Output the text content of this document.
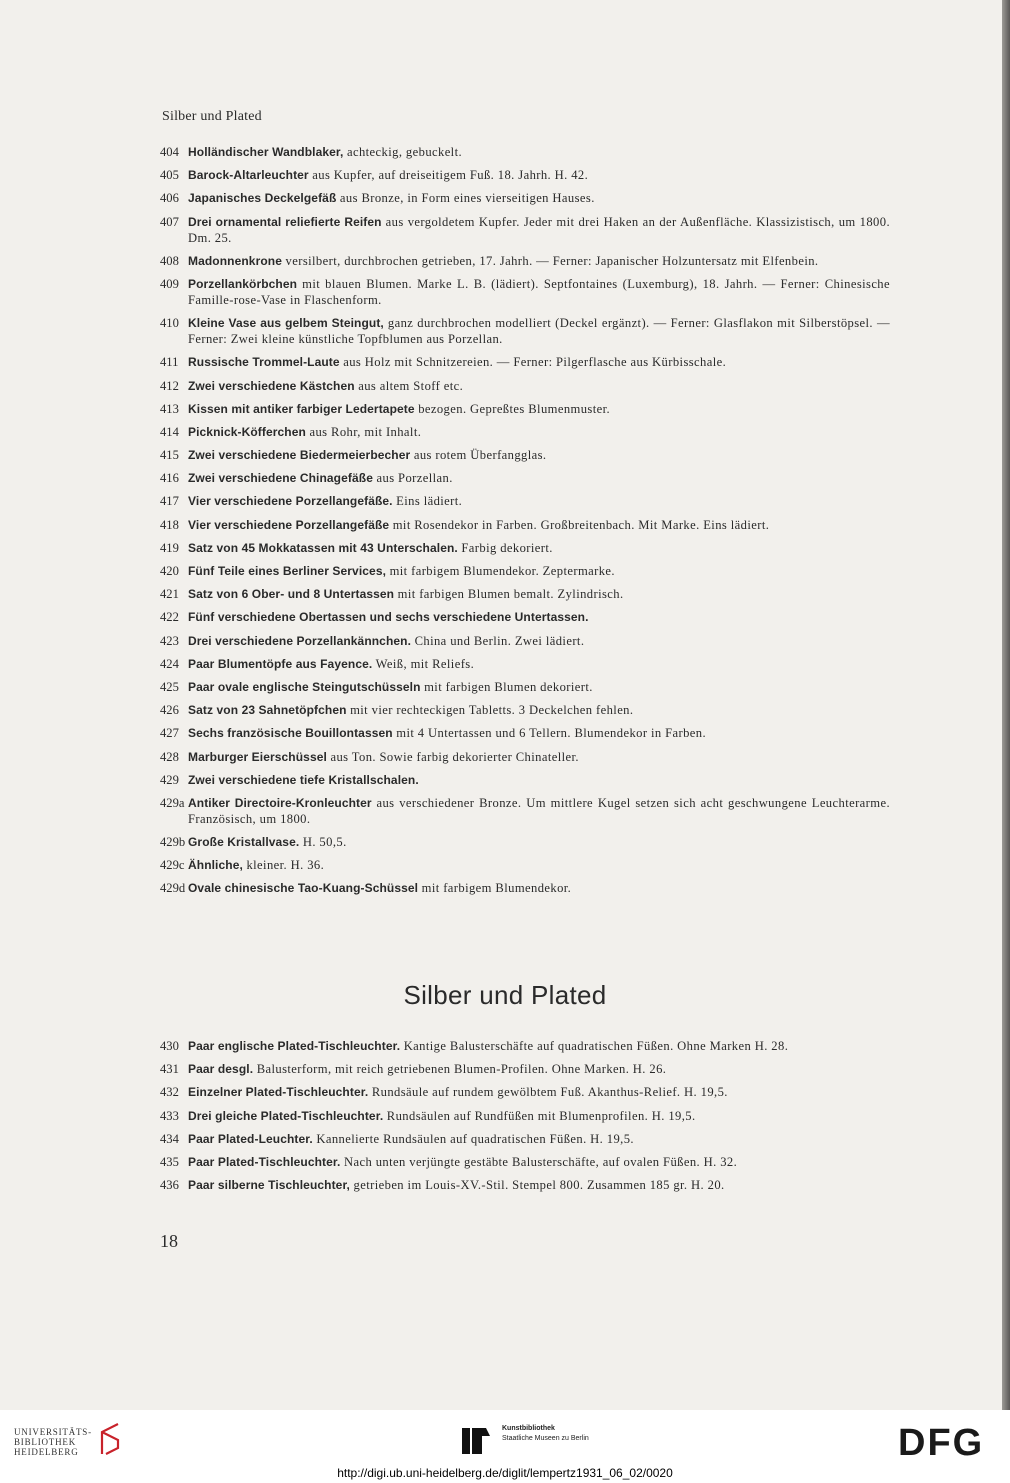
Silber und Plated
404 Holländischer Wandblaker, achteckig, gebuckelt.
405 Barock-Altarleuchter aus Kupfer, auf dreiseitigem Fuß. 18. Jahrh. H. 42.
406 Japanisches Deckelgefäß aus Bronze, in Form eines vierseitigen Hauses.
407 Drei ornamental reliefierte Reifen aus vergoldetem Kupfer. Jeder mit drei Haken an der Außenfläche. Klassizistisch, um 1800. Dm. 25.
408 Madonnenkrone versilbert, durchbrochen getrieben, 17. Jahrh. — Ferner: Japanischer Holzuntersatz mit Elfenbein.
409 Porzellankörbchen mit blauen Blumen. Marke L. B. (lädiert). Septfontaines (Luxemburg), 18. Jahrh. — Ferner: Chinesische Famille-rose-Vase in Flaschenform.
410 Kleine Vase aus gelbem Steingut, ganz durchbrochen modelliert (Deckel ergänzt). — Ferner: Glasflakon mit Silberstöpsel. — Ferner: Zwei kleine künstliche Topfblumen aus Porzellan.
411 Russische Trommel-Laute aus Holz mit Schnitzereien. — Ferner: Pilgerflasche aus Kürbisschale.
412 Zwei verschiedene Kästchen aus altem Stoff etc.
413 Kissen mit antiker farbiger Ledertapete bezogen. Gepreßtes Blumenmuster.
414 Picknick-Köfferchen aus Rohr, mit Inhalt.
415 Zwei verschiedene Biedermeierbecher aus rotem Überfangglas.
416 Zwei verschiedene Chinagefäße aus Porzellan.
417 Vier verschiedene Porzellangefäße. Eins lädiert.
418 Vier verschiedene Porzellangefäße mit Rosendekor in Farben. Großbreitenbach. Mit Marke. Eins lädiert.
419 Satz von 45 Mokkatassen mit 43 Unterschalen. Farbig dekoriert.
420 Fünf Teile eines Berliner Services, mit farbigem Blumendekor. Zeptermarke.
421 Satz von 6 Ober- und 8 Untertassen mit farbigen Blumen bemalt. Zylindrisch.
422 Fünf verschiedene Obertassen und sechs verschiedene Untertassen.
423 Drei verschiedene Porzellankännchen. China und Berlin. Zwei lädiert.
424 Paar Blumentöpfe aus Fayence. Weiß, mit Reliefs.
425 Paar ovale englische Steingutschüsseln mit farbigen Blumen dekoriert.
426 Satz von 23 Sahnetöpfchen mit vier rechteckigen Tabletts. 3 Deckelchen fehlen.
427 Sechs französische Bouillontassen mit 4 Untertassen und 6 Tellern. Blumendekor in Farben.
428 Marburger Eierschüssel aus Ton. Sowie farbig dekorierter Chinateller.
429 Zwei verschiedene tiefe Kristallschalen.
429a Antiker Directoire-Kronleuchter aus verschiedener Bronze. Um mittlere Kugel setzen sich acht geschwungene Leuchterarme. Französisch, um 1800.
429b Große Kristallvase. H. 50,5.
429c Ähnliche, kleiner. H. 36.
429d Ovale chinesische Tao-Kuang-Schüssel mit farbigem Blumendekor.
Silber und Plated
430 Paar englische Plated-Tischleuchter. Kantige Balusterschäfte auf quadratischen Füßen. Ohne Marken H. 28.
431 Paar desgl. Balusterform, mit reich getriebenen Blumen-Profilen. Ohne Marken. H. 26.
432 Einzelner Plated-Tischleuchter. Rundsäule auf rundem gewölbtem Fuß. Akanthus-Relief. H. 19,5.
433 Drei gleiche Plated-Tischleuchter. Rundsäulen auf Rundfüßen mit Blumenprofilen. H. 19,5.
434 Paar Plated-Leuchter. Kannelierte Rundsäulen auf quadratischen Füßen. H. 19,5.
435 Paar Plated-Tischleuchter. Nach unten verjüngte gestäbte Balusterschäfte, auf ovalen Füßen. H. 32.
436 Paar silberne Tischleuchter, getrieben im Louis-XV.-Stil. Stempel 800. Zusammen 185 gr. H. 20.
18
UNIVERSITÄTS-
BIBLIOTHEK
HEIDELBERG
Kunstbibliothek
Staatliche Museen zu Berlin	DFG
http://digi.ub.uni-heidelberg.de/diglit/lempertz1931_06_02/0020
